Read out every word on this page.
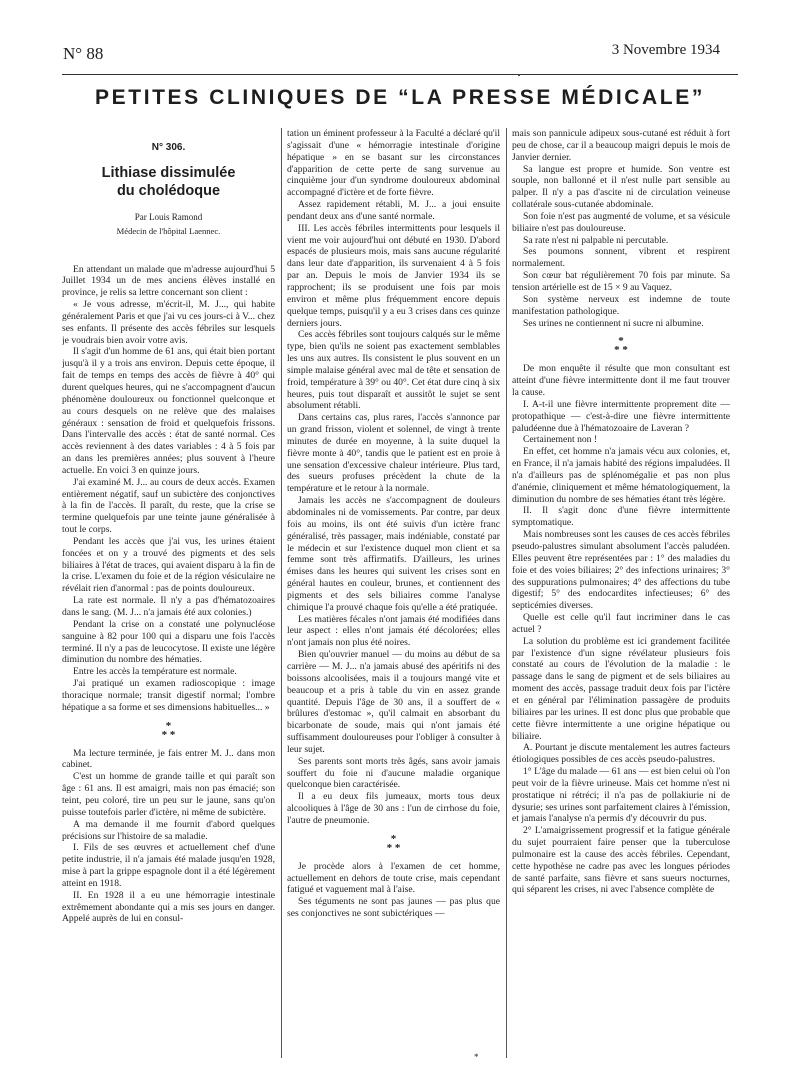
N° 88	3 Novembre 1934
PETITES CLINIQUES DE “LA PRESSE MÉDICALE”
N° 306.
Lithiase dissimulée
du cholédoque
Par Louis Ramond
Médecin de l'hôpital Laennec.

En attendant un malade que m'adresse aujourd'hui 5 Juillet 1934 un de mes anciens élèves installé en province, je relis sa lettre concernant son client :

« Je vous adresse, m'écrit-il, M. J..., qui habite généralement Paris et que j'ai vu ces jours-ci à V... chez ses enfants. Il présente des accès fébriles sur lesquels je voudrais bien avoir votre avis.

Il s'agit d'un homme de 61 ans, qui était bien portant jusqu'à il y a trois ans environ. Depuis cette époque, il fait de temps en temps des accès de fièvre à 40° qui durent quelques heures, qui ne s'accompagnent d'aucun phénomène douloureux ou fonctionnel quelconque et au cours desquels on ne relève que des malaises généraux : sensation de froid et quelquefois frissons. Dans l'intervalle des accès : état de santé normal. Ces accès reviennent à des dates variables : 4 à 5 fois par an dans les premières années; plus souvent à l'heure actuelle. En voici 3 en quinze jours.

J'ai examiné M. J... au cours de deux accès. Examen entièrement négatif, sauf un subictère des conjonctives à la fin de l'accès. Il paraît, du reste, que la crise se termine quelquefois par une teinte jaune généralisée à tout le corps.

Pendant les accès que j'ai vus, les urines étaient foncées et on y a trouvé des pigments et des sels biliaires à l'état de traces, qui avaient disparu à la fin de la crise. L'examen du foie et de la région vésiculaire ne révélait rien d'anormal : pas de points douloureux.

La rate est normale. Il n'y a pas d'hématozoaires dans le sang. (M. J... n'a jamais été aux colonies.)

Pendant la crise on a constaté une polynucléose sanguine à 82 pour 100 qui a disparu une fois l'accès terminé. Il n'y a pas de leucocytose. Il existe une légère diminution du nombre des hématies.

Entre les accès la température est normale.

J'ai pratiqué un examen radioscopique : image thoracique normale; transit digestif normal; l'ombre hépatique a sa forme et ses dimensions habituelles... »

*
* *

Ma lecture terminée, je fais entrer M. J.. dans mon cabinet.

C'est un homme de grande taille et qui paraît son âge : 61 ans. Il est amaigri, mais non pas émacié; son teint, peu coloré, tire un peu sur le jaune, sans qu'on puisse toutefois parler d'ictère, ni même de subictère.

A ma demande il me fournit d'abord quelques précisions sur l'histoire de sa maladie.

I. Fils de ses œuvres et actuellement chef d'une petite industrie, il n'a jamais été malade jusqu'en 1928, mise à part la grippe espagnole dont il a été légèrement atteint en 1918.

II. En 1928 il a eu une hémorragie intestinale extrêmement abondante qui a mis ses jours en danger. Appelé auprès de lui en consul-

tation un éminent professeur à la Faculté a déclaré qu'il s'agissait d'une « hémorragie intestinale d'origine hépatique » en se basant sur les circonstances d'apparition de cette perte de sang survenue au cinquième jour d'un syndrome douloureux abdominal accompagné d'ictère et de forte fièvre.

Assez rapidement rétabli, M. J... a joui ensuite pendant deux ans d'une santé normale.

III. Les accès fébriles intermittents pour lesquels il vient me voir aujourd'hui ont débuté en 1930. D'abord espacés de plusieurs mois, mais sans aucune régularité dans leur date d'apparition, ils survenaient 4 à 5 fois par an. Depuis le mois de Janvier 1934 ils se rapprochent; ils se produisent une fois par mois environ et même plus fréquemment encore depuis quelque temps, puisqu'il y a eu 3 crises dans ces quinze derniers jours.

Ces accès fébriles sont toujours calqués sur le même type, bien qu'ils ne soient pas exactement semblables les uns aux autres. Ils consistent le plus souvent en un simple malaise général avec mal de tête et sensation de froid, température à 39° ou 40°. Cet état dure cinq à six heures, puis tout disparaît et aussitôt le sujet se sent absolument rétabli.

Dans certains cas, plus rares, l'accès s'annonce par un grand frisson, violent et solennel, de vingt à trente minutes de durée en moyenne, à la suite duquel la fièvre monte à 40°, tandis que le patient est en proie à une sensation d'excessive chaleur intérieure. Plus tard, des sueurs profuses précèdent la chute de la température et le retour à la normale.

Jamais les accès ne s'accompagnent de douleurs abdominales ni de vomissements. Par contre, par deux fois au moins, ils ont été suivis d'un ictère franc généralisé, très passager, mais indéniable, constaté par le médecin et sur l'existence duquel mon client et sa femme sont très affirmatifs. D'ailleurs, les urines émises dans les heures qui suivent les crises sont en général hautes en couleur, brunes, et contiennent des pigments et des sels biliaires comme l'analyse chimique l'a prouvé chaque fois qu'elle a été pratiquée.

Les matières fécales n'ont jamais été modifiées dans leur aspect : elles n'ont jamais été décolorées; elles n'ont jamais non plus été noires.

Bien qu'ouvrier manuel — du moins au début de sa carrière — M. J... n'a jamais abusé des apéritifs ni des boissons alcoolisées, mais il a toujours mangé vite et beaucoup et a pris à table du vin en assez grande quantité. Depuis l'âge de 30 ans, il a souffert de « brûlures d'estomac », qu'il calmait en absorbant du bicarbonate de soude, mais qui n'ont jamais été suffisamment douloureuses pour l'obliger à consulter à leur sujet.

Ses parents sont morts très âgés, sans avoir jamais souffert du foie ni d'aucune maladie organique quelconque bien caractérisée.

Il a eu deux fils jumeaux, morts tous deux alcooliques à l'âge de 30 ans : l'un de cirrhose du foie, l'autre de pneumonie.

*
* *

Je procède alors à l'examen de cet homme, actuellement en dehors de toute crise, mais cependant fatigué et vaguement mal à l'aise.

Ses téguments ne sont pas jaunes — pas plus que ses conjonctives ne sont subictériques —

mais son pannicule adipeux sous-cutané est réduit à fort peu de chose, car il a beaucoup maigri depuis le mois de Janvier dernier.

Sa langue est propre et humide. Son ventre est souple, non ballonné et il n'est nulle part sensible au palper. Il n'y a pas d'ascite ni de circulation veineuse collatérale sous-cutanée abdominale.

Son foie n'est pas augmenté de volume, et sa vésicule biliaire n'est pas douloureuse.

Sa rate n'est ni palpable ni percutable.

Ses poumons sonnent, vibrent et respirent normalement.

Son cœur bat régulièrement 70 fois par minute. Sa tension artérielle est de 15 × 9 au Vaquez.

Son système nerveux est indemne de toute manifestation pathologique.

Ses urines ne contiennent ni sucre ni albumine.

*
* *

De mon enquête il résulte que mon consultant est atteint d'une fièvre intermittente dont il me faut trouver la cause.

I. A-t-il une fièvre intermittente proprement dite — protopathique — c'est-à-dire une fièvre intermittente paludéenne due à l'hématozoaire de Laveran ?

Certainement non !

En effet, cet homme n'a jamais vécu aux colonies, et, en France, il n'a jamais habité des régions impaludées. Il n'a d'ailleurs pas de splénomégalie et pas non plus d'anémie, cliniquement et même hématologiquement, la diminution du nombre de ses hématies étant très légère.

II. Il s'agit donc d'une fièvre intermittente symptomatique.

Mais nombreuses sont les causes de ces accès fébriles pseudo-palustres simulant absolument l'accès paludéen. Elles peuvent être représentées par : 1° des maladies du foie et des voies biliaires; 2° des infections urinaires; 3° des suppurations pulmonaires; 4° des affections du tube digestif; 5° des endocardites infectieuses; 6° des septicémies diverses.

Quelle est celle qu'il faut incriminer dans le cas actuel ?

La solution du problème est ici grandement facilitée par l'existence d'un signe révélateur plusieurs fois constaté au cours de l'évolution de la maladie : le passage dans le sang de pigment et de sels biliaires au moment des accès, passage traduit deux fois par l'ictère et en général par l'élimination passagère de produits biliaires par les urines. Il est donc plus que probable que cette fièvre intermittente a une origine hépatique ou biliaire.

A. Pourtant je discute mentalement les autres facteurs étiologiques possibles de ces accès pseudo-palustres.

1° L'âge du malade — 61 ans — est bien celui où l'on peut voir de la fièvre urineuse. Mais cet homme n'est ni prostatique ni rétréci; il n'a pas de pollakiurie ni de dysurie; ses urines sont parfaitement claires à l'émission, et jamais l'analyse n'a permis d'y découvrir du pus.

2° L'amaigrissement progressif et la fatigue générale du sujet pourraient faire penser que la tuberculose pulmonaire est la cause des accès fébriles. Cependant, cette hypothèse ne cadre pas avec les longues périodes de santé parfaite, sans fièvre et sans sueurs nocturnes, qui séparent les crises, ni avec l'absence complète de

*
